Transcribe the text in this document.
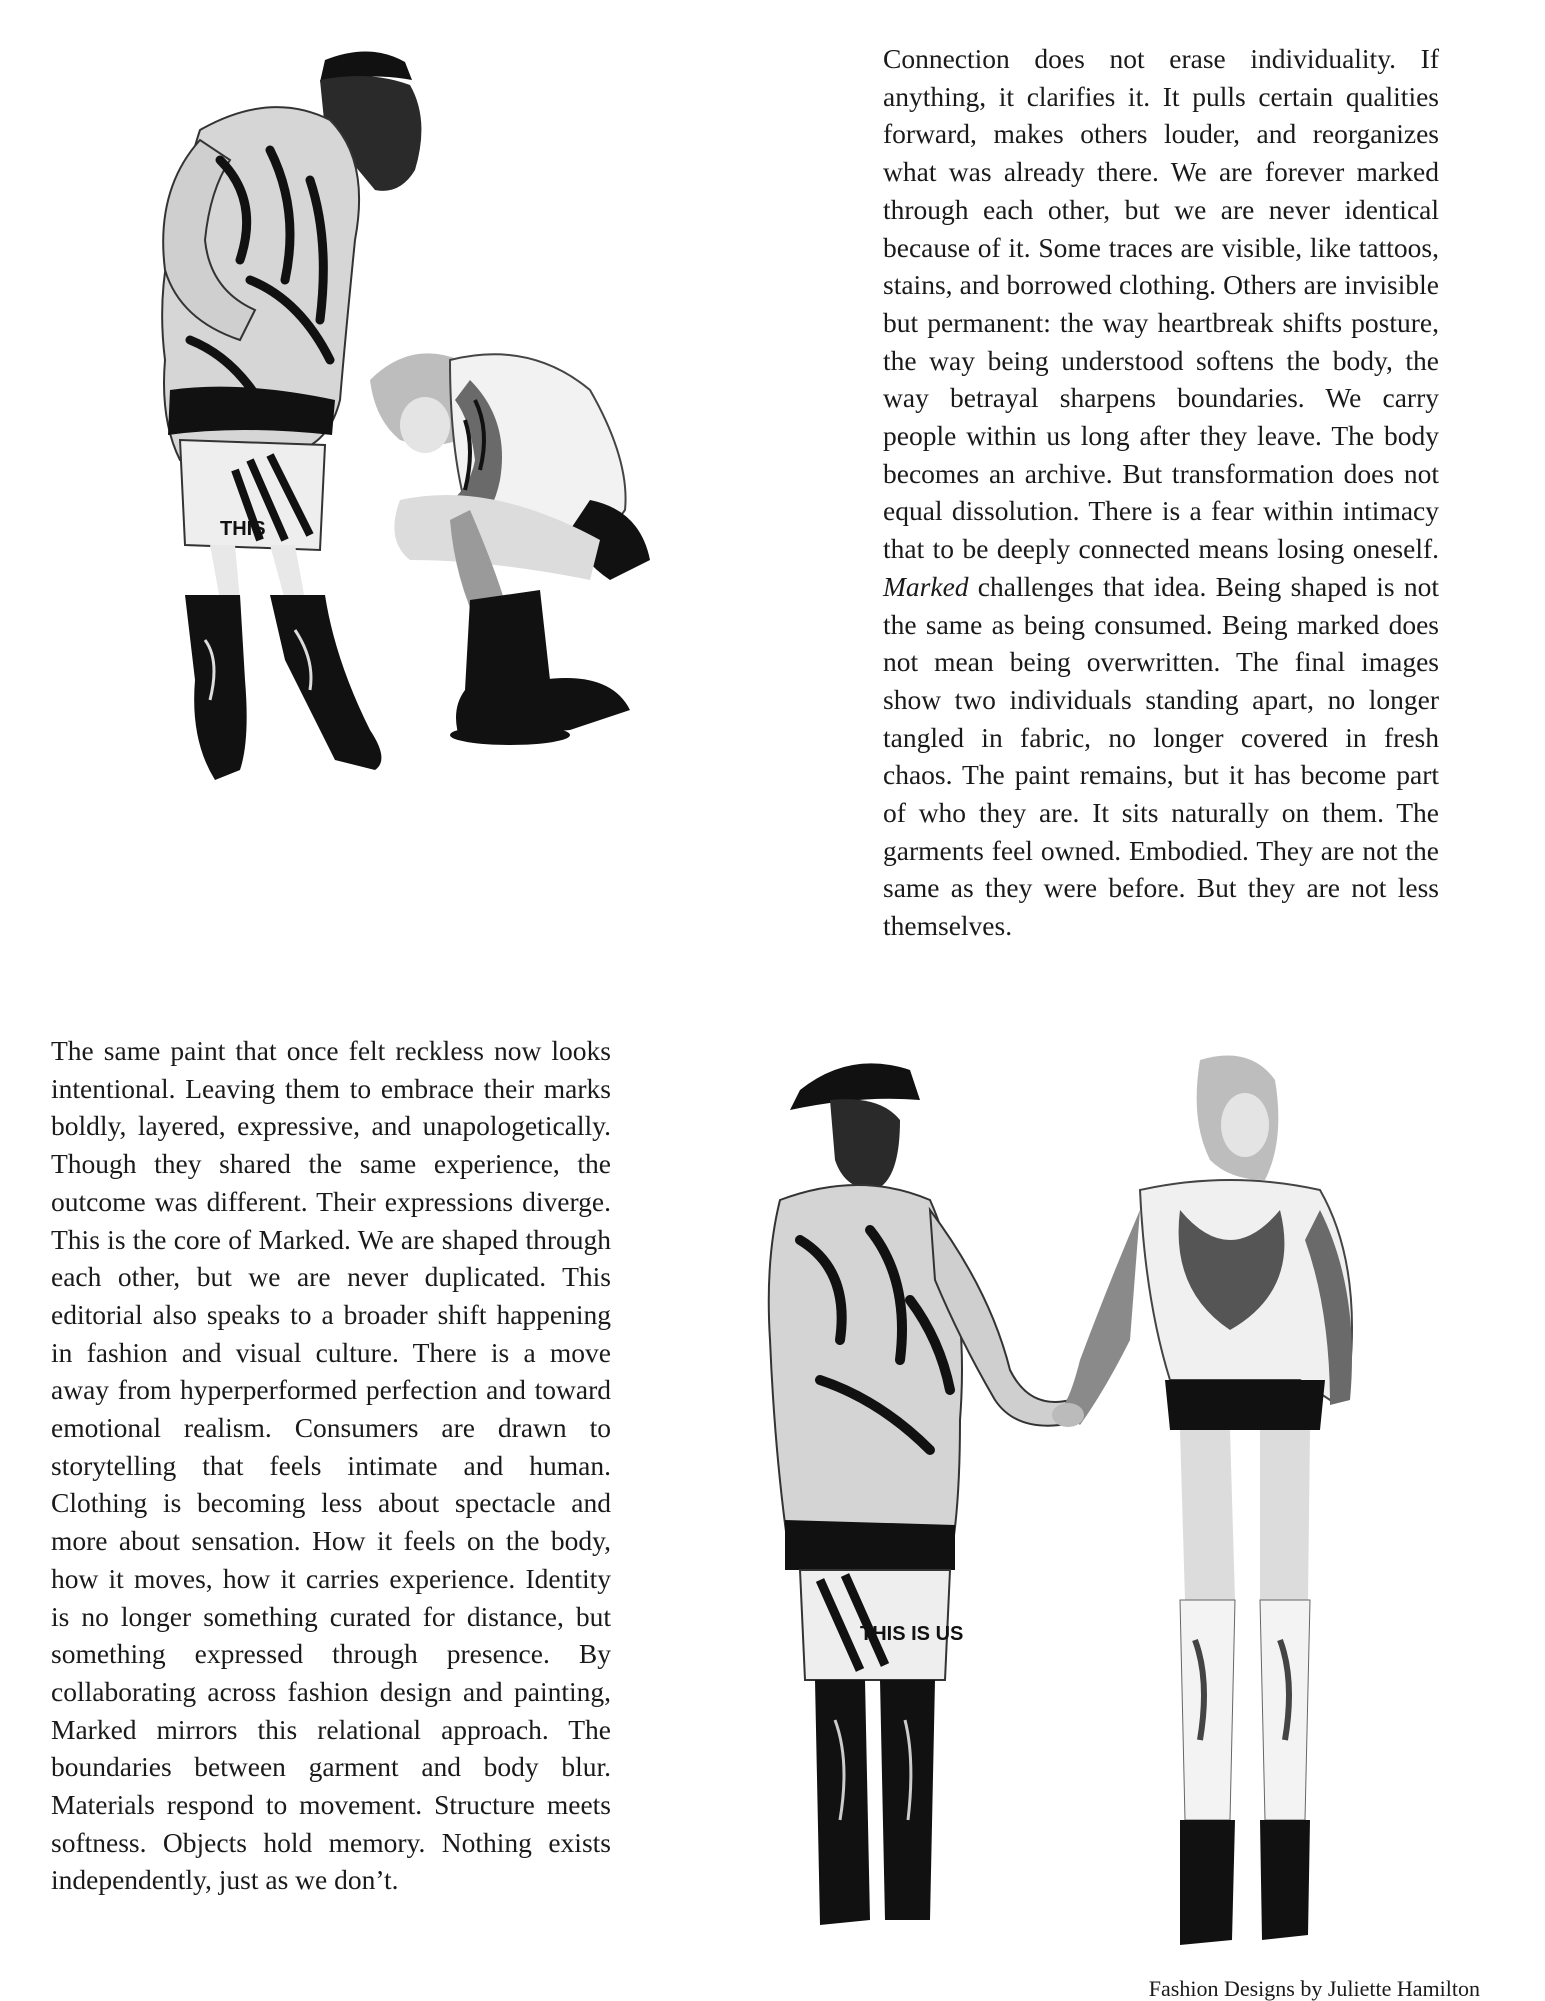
THIS

Connection does not erase individuality. If anything, it clarifies it. It pulls certain qualities forward, makes others louder, and reorganizes what was already there. We are forever marked through each other, but we are never identical because of it. Some traces are visible, like tattoos, stains, and borrowed clothing. Others are invisible but permanent: the way heartbreak shifts posture, the way being understood softens the body, the way betrayal sharpens boundaries. We carry people within us long after they leave. The body becomes an archive. But transformation does not equal dissolution. There is a fear within intimacy that to be deeply connected means losing oneself. Marked challenges that idea. Being shaped is not the same as being consumed. Being marked does not mean being overwritten. The final images show two individuals standing apart, no longer tangled in fabric, no longer covered in fresh chaos. The paint remains, but it has become part of who they are. It sits naturally on them. The garments feel owned. Embodied. They are not the same as they were before. But they are not less themselves.

The same paint that once felt reckless now looks intentional. Leaving them to embrace their marks boldly, layered, expressive, and unapologetically. Though they shared the same experience, the outcome was different. Their expressions diverge. This is the core of Marked. We are shaped through each other, but we are never duplicated. This editorial also speaks to a broader shift happening in fashion and visual culture. There is a move away from hyperperformed perfection and toward emotional realism. Consumers are drawn to storytelling that feels intimate and human. Clothing is becoming less about spectacle and more about sensation. How it feels on the body, how it moves, how it carries experience. Identity is no longer something curated for distance, but something expressed through presence. By collaborating across fashion design and painting, Marked mirrors this relational approach. The boundaries between garment and body blur. Materials respond to movement. Structure meets softness. Objects hold memory. Nothing exists independently, just as we don’t.

THIS IS US
Fashion Designs by Juliette Hamilton
